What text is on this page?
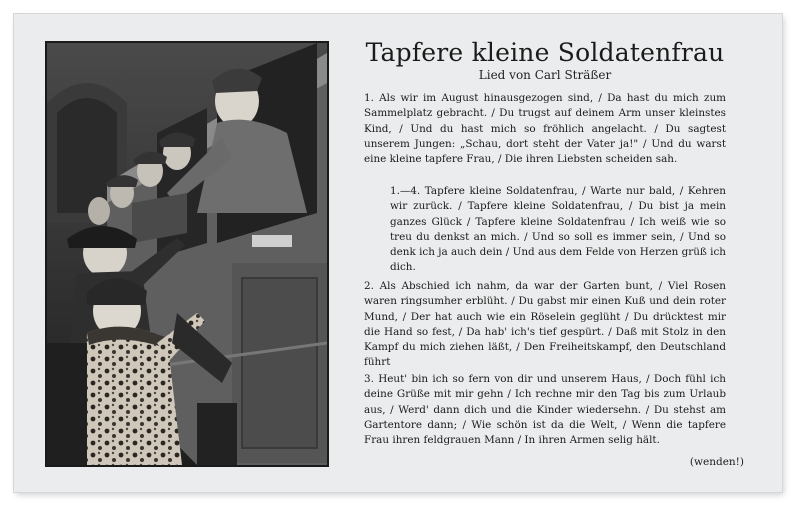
Tapfere kleine Soldatenfrau
Lied von Carl Sträßer

1. Als wir im August hinausgezogen sind, / Da hast du mich zum Sammelplatz gebracht. / Du trugst auf deinem Arm unser kleinstes Kind, / Und du hast mich so fröhlich angelacht. / Du sagtest unserem Jungen: „Schau, dort steht der Vater ja!" / Und du warst eine kleine tapfere Frau, / Die ihren Liebsten scheiden sah.

1.—4. Tapfere kleine Soldatenfrau, / Warte nur bald, / Kehren wir zurück. / Tapfere kleine Soldatenfrau, / Du bist ja mein ganzes Glück / Tapfere kleine Soldatenfrau / Ich weiß wie so treu du denkst an mich. / Und so soll es immer sein, / Und so denk ich ja auch dein / Und aus dem Felde von Herzen grüß ich dich.

2. Als Abschied ich nahm, da war der Garten bunt, / Viel Rosen waren ringsumher erblüht. / Du gabst mir einen Kuß und dein roter Mund, / Der hat auch wie ein Röselein geglüht / Du drücktest mir die Hand so fest, / Da hab' ich's tief gespürt. / Daß mit Stolz in den Kampf du mich ziehen läßt, / Den Freiheitskampf, den Deutschland führt

3. Heut' bin ich so fern von dir und unserem Haus, / Doch fühl ich deine Grüße mit mir gehn / Ich rechne mir den Tag bis zum Urlaub aus, / Werd' dann dich und die Kinder wiedersehn. / Du stehst am Gartentore dann; / Wie schön ist da die Welt, / Wenn die tapfere Frau ihren feldgrauen Mann / In ihren Armen selig hält.

(wenden!)
